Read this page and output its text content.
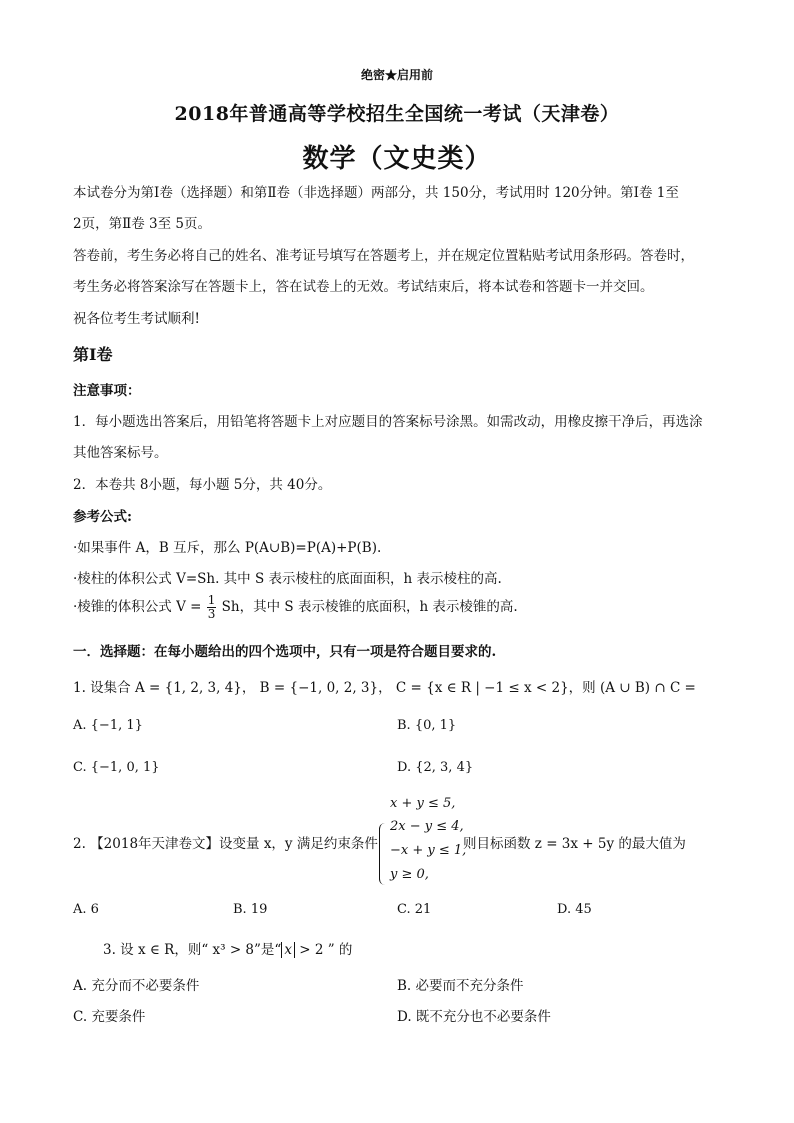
绝密★启用前
2018年普通高等学校招生全国统一考试（天津卷）
数学（文史类）
本试卷分为第Ⅰ卷（选择题）和第Ⅱ卷（非选择题）两部分，共 150分，考试用时 120分钟。第Ⅰ卷 1至
2页，第Ⅱ卷 3至 5页。
答卷前，考生务必将自己的姓名、准考证号填写在答题考上，并在规定位置粘贴考试用条形码。答卷时，
考生务必将答案涂写在答题卡上，答在试卷上的无效。考试结束后，将本试卷和答题卡一并交回。
祝各位考生考试顺利!
第Ⅰ卷
注意事项：
1．每小题选出答案后，用铅笔将答题卡上对应题目的答案标号涂黑。如需改动，用橡皮擦干净后，再选涂
其他答案标号。
2．本卷共 8小题，每小题 5分，共 40分。
参考公式:
·如果事件 A，B 互斥，那么 P(A∪B)=P(A)+P(B).
·棱柱的体积公式 V=Sh. 其中 S 表示棱柱的底面面积，h 表示棱柱的高.
·棱锥的体积公式 $V = \frac{1}{3}$ Sh，其中 S 表示棱锥的底面积，h 表示棱锥的高.
一．选择题：在每小题给出的四个选项中，只有一项是符合题目要求的.
1. 设集合 A = {1, 2, 3, 4}， B = {−1, 0, 2, 3}， C = {x ∈ R | −1 ≤ x < 2}，则 (A ∪ B) ∩ C =
A. {−1, 1}	B. {0, 1}
C. {−1, 0, 1}	D. {2, 3, 4}
2. 【2018年天津卷文】设变量 x，y 满足约束条件
x + y ≤ 5,
2x − y ≤ 4,
−x + y ≤ 1,
y ≥ 0,
则目标函数 z = 3x + 5y 的最大值为
A. 6	B. 19	C. 21	D. 45
3. 设 x ∈ R，则“ x³ > 8”是“ x > 2 ” 的
A. 充分而不必要条件	B. 必要而不充分条件
C. 充要条件	D. 既不充分也不必要条件
